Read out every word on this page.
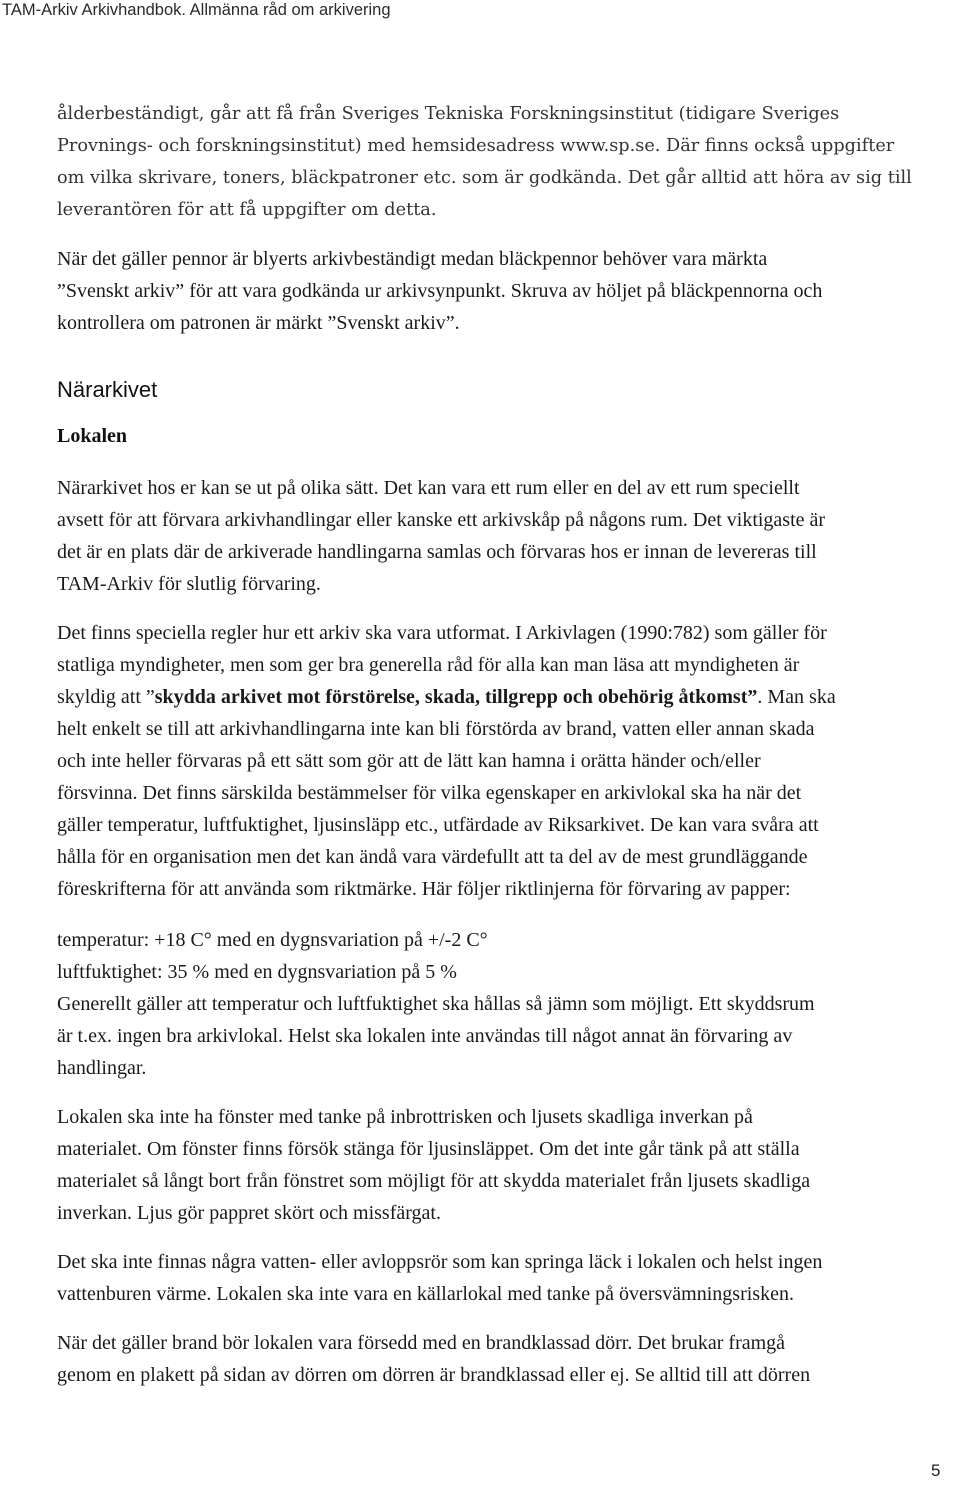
TAM-Arkiv Arkivhandbok. Allmänna råd om arkivering

ålderbeständigt, går att få från Sveriges Tekniska Forskningsinstitut (tidigare Sveriges
Provnings- och forskningsinstitut) med hemsidesadress www.sp.se. Där finns också uppgifter
om vilka skrivare, toners, bläckpatroner etc. som är godkända. Det går alltid att höra av sig till
leverantören för att få uppgifter om detta.

När det gäller pennor är blyerts arkivbeständigt medan bläckpennor behöver vara märkta
”Svenskt arkiv” för att vara godkända ur arkivsynpunkt. Skruva av höljet på bläckpennorna och
kontrollera om patronen är märkt ”Svenskt arkiv”.

Närarkivet
Lokalen

Närarkivet hos er kan se ut på olika sätt. Det kan vara ett rum eller en del av ett rum speciellt
avsett för att förvara arkivhandlingar eller kanske ett arkivskåp på någons rum. Det viktigaste är
det är en plats där de arkiverade handlingarna samlas och förvaras hos er innan de levereras till
TAM-Arkiv för slutlig förvaring.

Det finns speciella regler hur ett arkiv ska vara utformat. I Arkivlagen (1990:782) som gäller för
statliga myndigheter, men som ger bra generella råd för alla kan man läsa att myndigheten är
skyldig att ”skydda arkivet mot förstörelse, skada, tillgrepp och obehörig åtkomst”. Man ska
helt enkelt se till att arkivhandlingarna inte kan bli förstörda av brand, vatten eller annan skada
och inte heller förvaras på ett sätt som gör att de lätt kan hamna i orätta händer och/eller
försvinna. Det finns särskilda bestämmelser för vilka egenskaper en arkivlokal ska ha när det
gäller temperatur, luftfuktighet, ljusinsläpp etc., utfärdade av Riksarkivet. De kan vara svåra att
hålla för en organisation men det kan ändå vara värdefullt att ta del av de mest grundläggande
föreskrifterna för att använda som riktmärke. Här följer riktlinjerna för förvaring av papper:

temperatur: +18 C° med en dygnsvariation på +/-2 C°
luftfuktighet: 35 % med en dygnsvariation på 5 %
Generellt gäller att temperatur och luftfuktighet ska hållas så jämn som möjligt. Ett skyddsrum
är t.ex. ingen bra arkivlokal. Helst ska lokalen inte användas till något annat än förvaring av
handlingar.

Lokalen ska inte ha fönster med tanke på inbrottrisken och ljusets skadliga inverkan på
materialet. Om fönster finns försök stänga för ljusinsläppet. Om det inte går tänk på att ställa
materialet så långt bort från fönstret som möjligt för att skydda materialet från ljusets skadliga
inverkan. Ljus gör pappret skört och missfärgat.

Det ska inte finnas några vatten- eller avloppsrör som kan springa läck i lokalen och helst ingen
vattenburen värme. Lokalen ska inte vara en källarlokal med tanke på översvämningsrisken.

När det gäller brand bör lokalen vara försedd med en brandklassad dörr. Det brukar framgå
genom en plakett på sidan av dörren om dörren är brandklassad eller ej. Se alltid till att dörren

5
